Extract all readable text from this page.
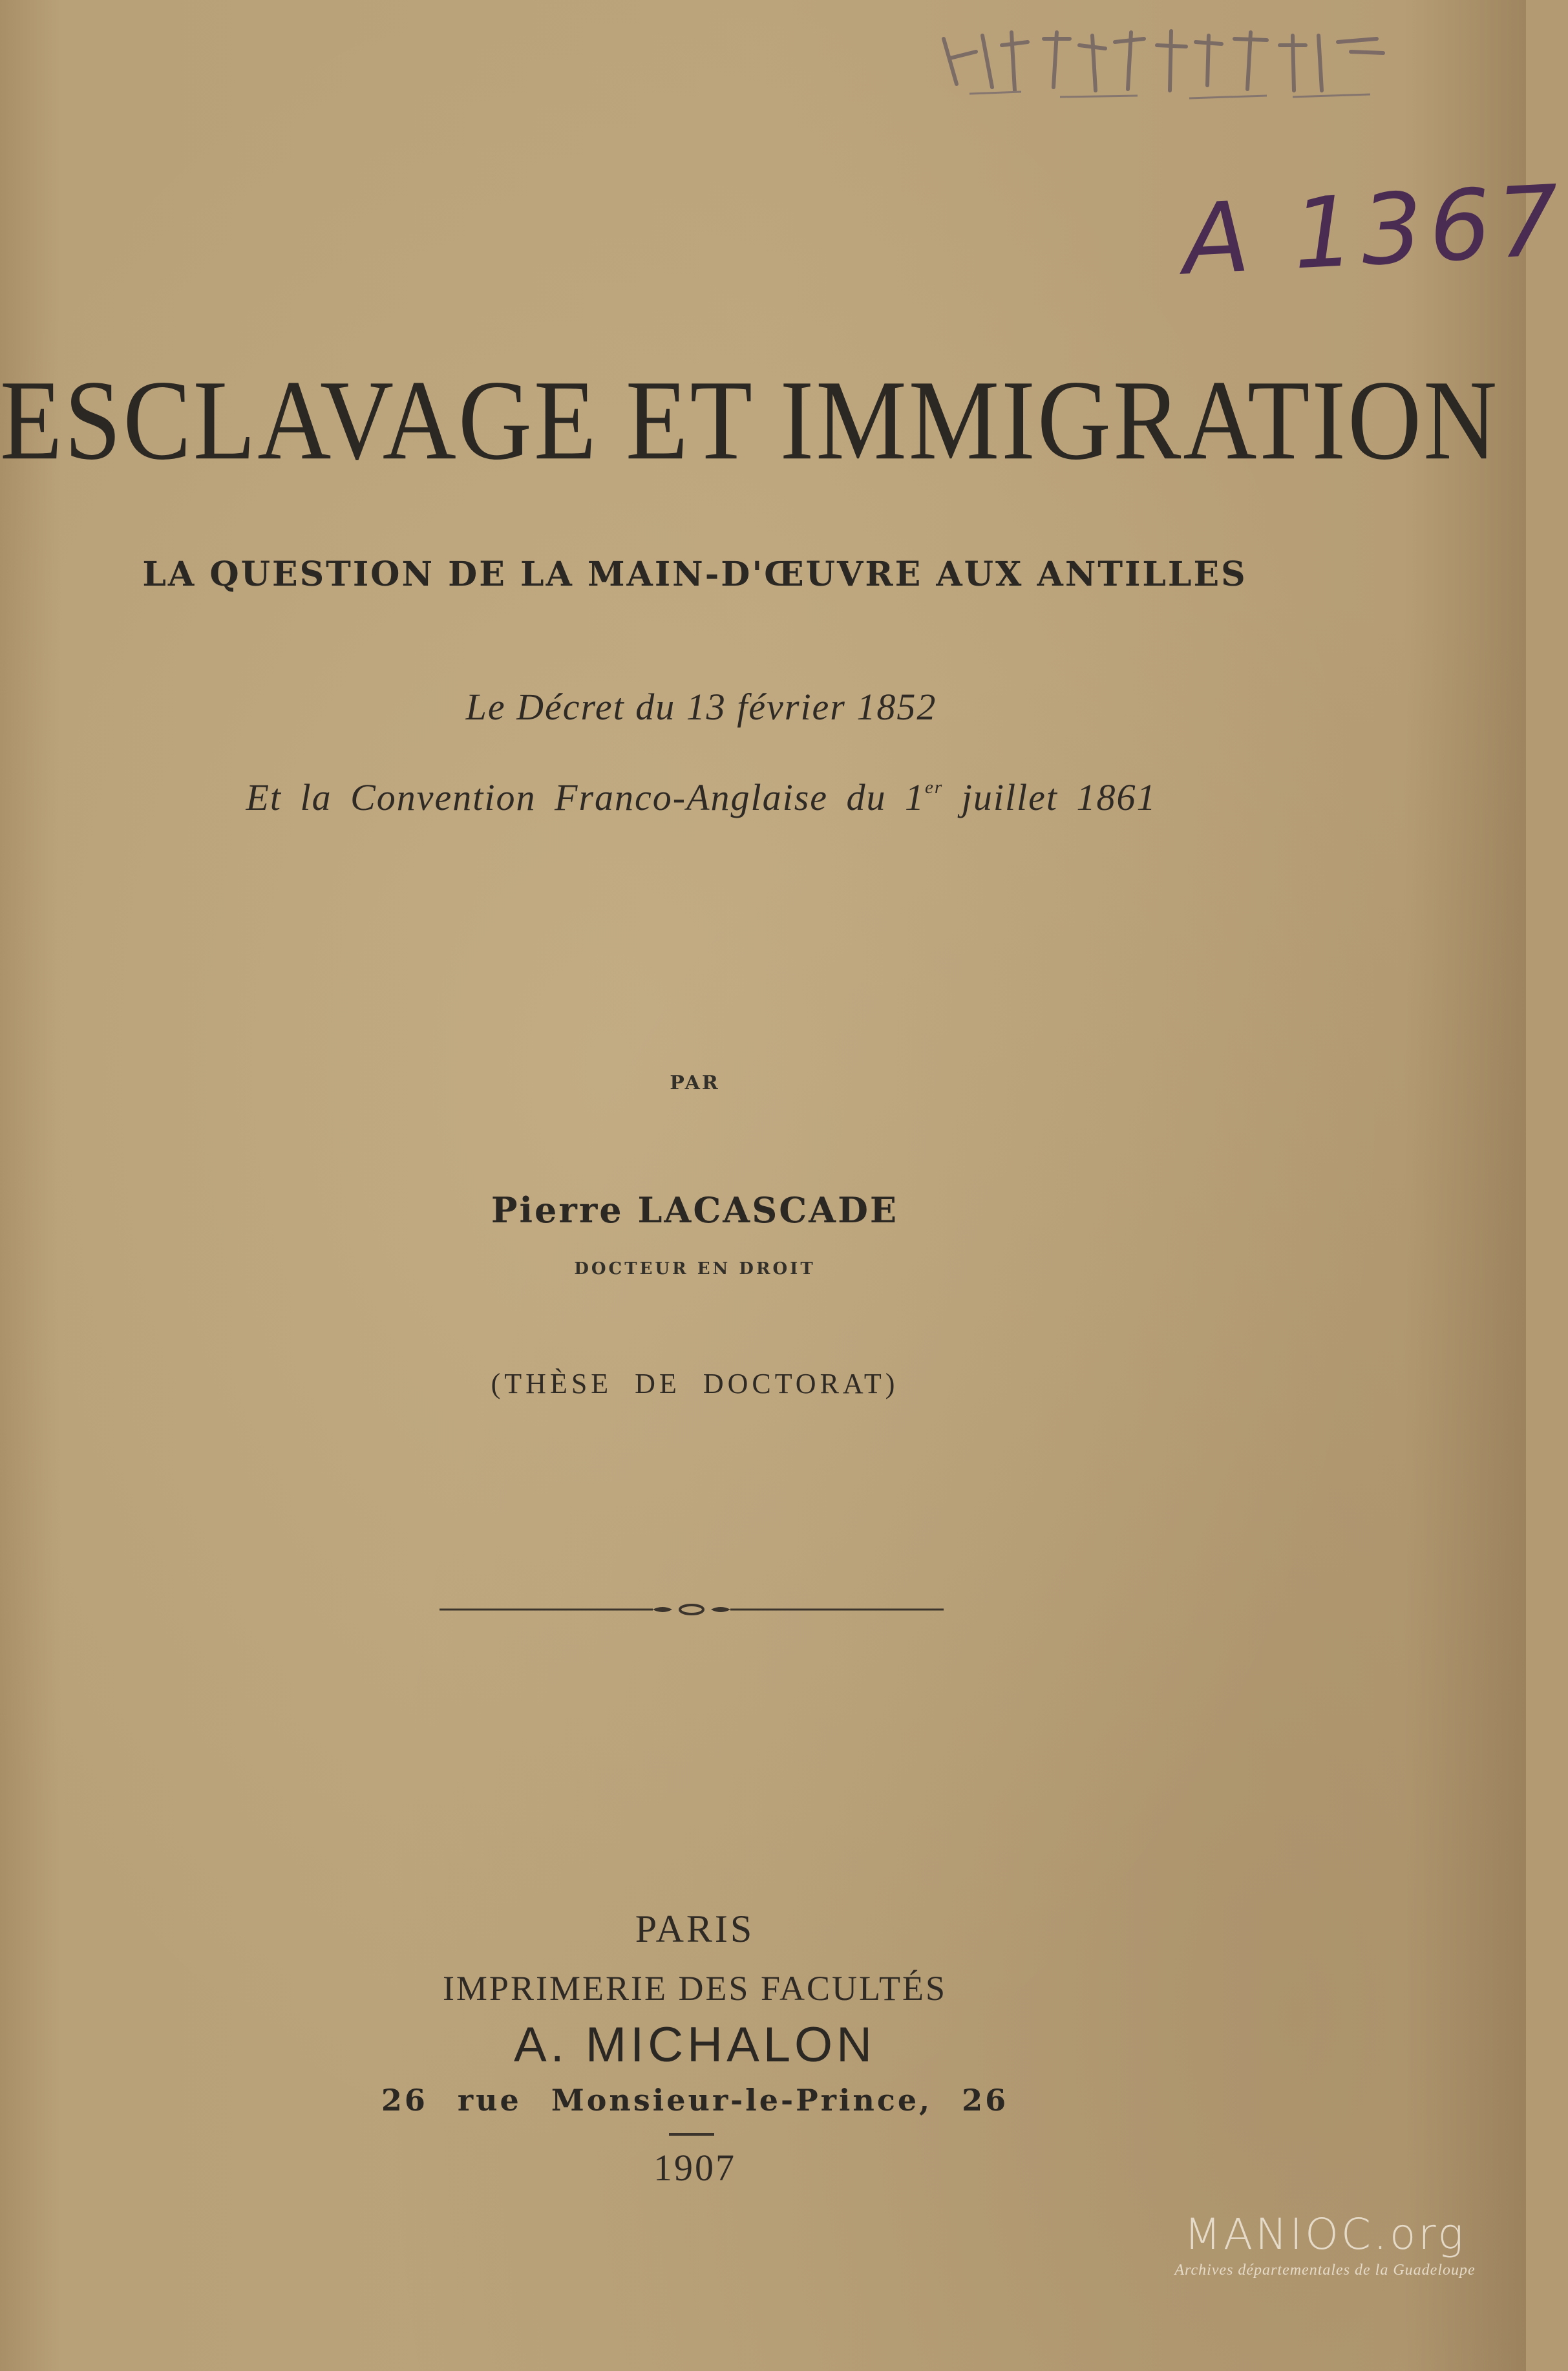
A 1367
ESCLAVAGE ET IMMIGRATION
LA QUESTION DE LA MAIN-D'ŒUVRE AUX ANTILLES
Le Décret du 13 février 1852
Et la Convention Franco-Anglaise du 1er juillet 1861
PAR
Pierre LACASCADE
DOCTEUR EN DROIT
(THÈSE DE DOCTORAT)
PARIS
IMPRIMERIE DES FACULTÉS
A. MICHALON
26 rue Monsieur-le-Prince, 26
1907
MANIOC.org
Archives départementales de la Guadeloupe
